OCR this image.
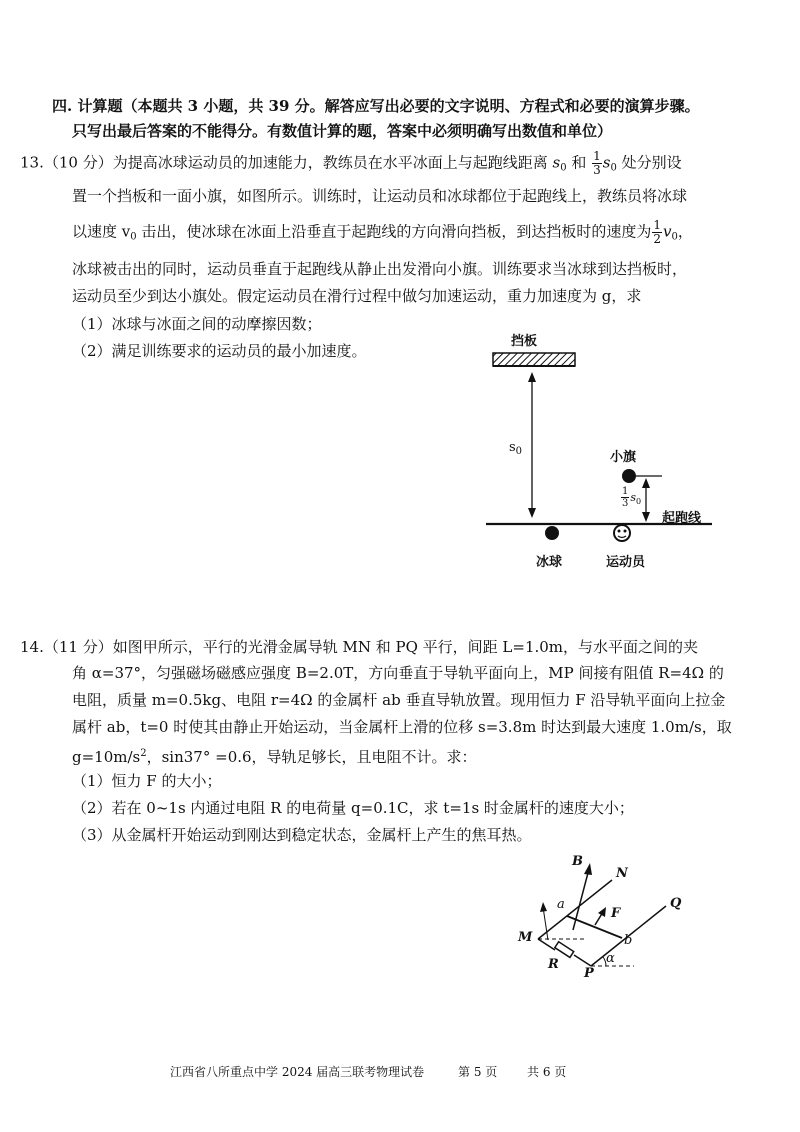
四. 计算题（本题共 3 小题，共 39 分。解答应写出必要的文字说明、方程式和必要的演算步骤。
只写出最后答案的不能得分。有数值计算的题，答案中必须明确写出数值和单位）
13.（10 分）为提高冰球运动员的加速能力，教练员在水平冰面上与起跑线距离 $s_0$ 和 $\frac{1}{3} s_0$ 处分别设
置一个挡板和一面小旗，如图所示。训练时，让运动员和冰球都位于起跑线上，教练员将冰球
以速度 $v_0$ 击出，使冰球在冰面上沿垂直于起跑线的方向滑向挡板，到达挡板时的速度为 $\frac{1}{2} v_0$，
冰球被击出的同时，运动员垂直于起跑线从静止出发滑向小旗。训练要求当冰球到达挡板时，
运动员至少到达小旗处。假定运动员在滑行过程中做匀加速运动，重力加速度为 g，求
（1）冰球与冰面之间的动摩擦因数；
（2）满足训练要求的运动员的最小加速度。
挡板
小旗
$s_0$
$\frac{1}{3} s_0$
起跑线
冰球	运动员
14.（11 分）如图甲所示，平行的光滑金属导轨 MN 和 PQ 平行，间距 L=1.0m，与水平面之间的夹
角 α=37°，匀强磁场磁感应强度 B=2.0T，方向垂直于导轨平面向上，MP 间接有阻值 R=4Ω 的
电阻，质量 m=0.5kg、电阻 r=4Ω 的金属杆 ab 垂直导轨放置。现用恒力 F 沿导轨平面向上拉金
属杆 ab，t=0 时使其由静止开始运动，当金属杆上滑的位移 s=3.8m 时达到最大速度 1.0m/s，取
$g=10m/s^2$，sin37° =0.6，导轨足够长，且电阻不计。求：
（1）恒力 F 的大小；
（2）若在 0~1s 内通过电阻 R 的电荷量 q=0.1C，求 t=1s 时金属杆的速度大小；
（3）从金属杆开始运动到刚达到稳定状态，金属杆上产生的焦耳热。
B
N
a
F
Q
M	b
R	α
P
江西省八所重点中学 2024 届高三联考物理试卷	第 5 页 共 6 页
